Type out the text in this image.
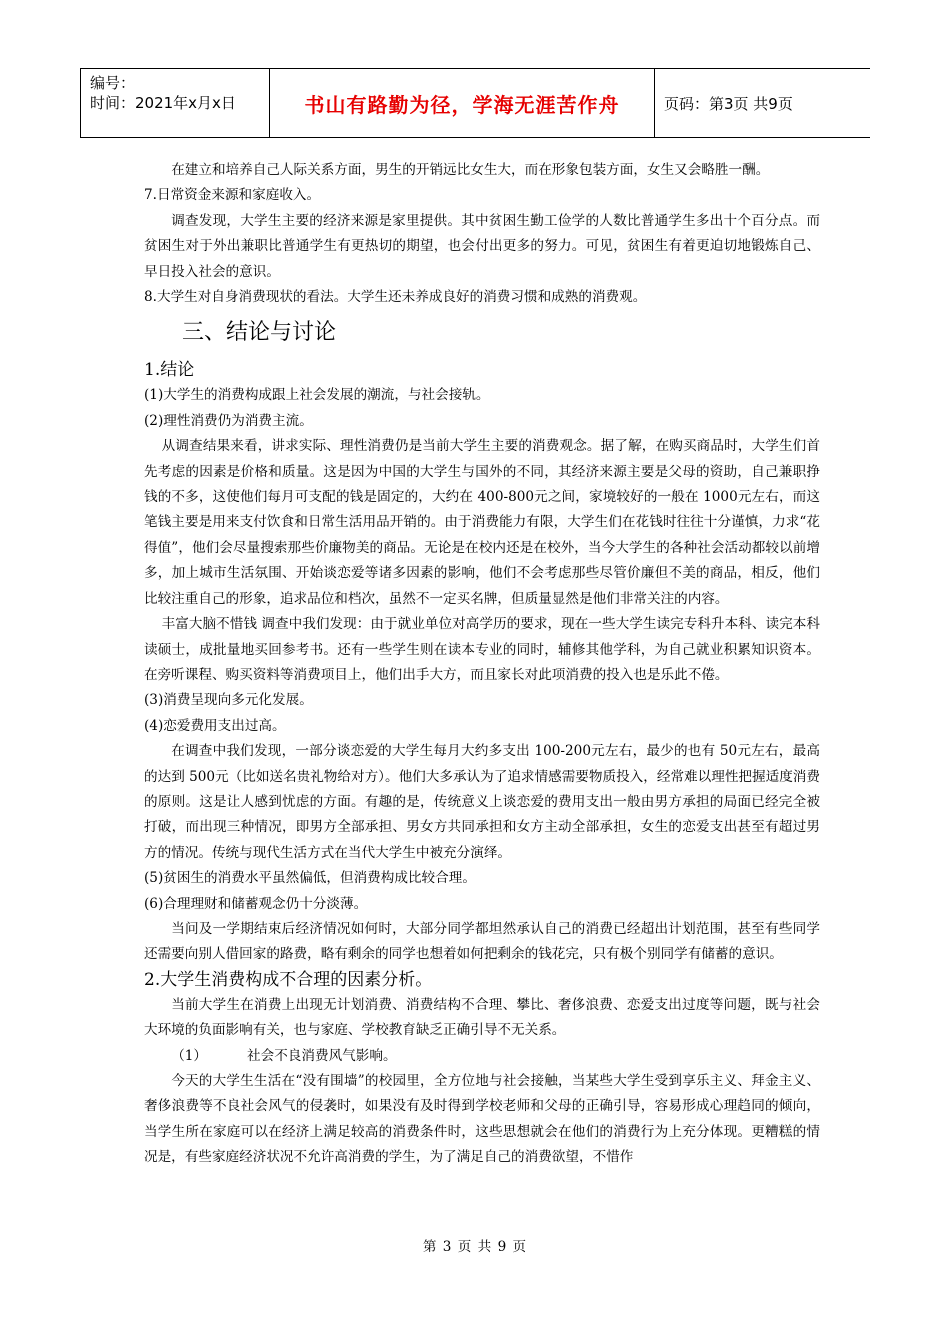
编号：
时间：2021年x月x日	书山有路勤为径，学海无涯苦作舟	页码：第3页 共9页

在建立和培养自己人际关系方面，男生的开销远比女生大，而在形象包装方面，女生又会略胜一酬。

7.日常资金来源和家庭收入。

调查发现，大学生主要的经济来源是家里提供。其中贫困生勤工俭学的人数比普通学生多出十个百分点。而贫困生对于外出兼职比普通学生有更热切的期望，也会付出更多的努力。可见，贫困生有着更迫切地锻炼自己、早日投入社会的意识。

8.大学生对自身消费现状的看法。大学生还未养成良好的消费习惯和成熟的消费观。

三、结论与讨论
1.结论

(1)大学生的消费构成跟上社会发展的潮流，与社会接轨。

(2)理性消费仍为消费主流。

从调查结果来看，讲求实际、理性消费仍是当前大学生主要的消费观念。据了解，在购买商品时，大学生们首先考虑的因素是价格和质量。这是因为中国的大学生与国外的不同，其经济来源主要是父母的资助，自己兼职挣钱的不多，这使他们每月可支配的钱是固定的，大约在 400-800元之间，家境较好的一般在 1000元左右，而这笔钱主要是用来支付饮食和日常生活用品开销的。由于消费能力有限，大学生们在花钱时往往十分谨慎，力求“花得值”，他们会尽量搜索那些价廉物美的商品。无论是在校内还是在校外，当今大学生的各种社会活动都较以前增多，加上城市生活氛围、开始谈恋爱等诸多因素的影响，他们不会考虑那些尽管价廉但不美的商品，相反，他们比较注重自己的形象，追求品位和档次，虽然不一定买名牌，但质量显然是他们非常关注的内容。

丰富大脑不惜钱 调查中我们发现：由于就业单位对高学历的要求，现在一些大学生读完专科升本科、读完本科读硕士，成批量地买回参考书。还有一些学生则在读本专业的同时，辅修其他学科，为自己就业积累知识资本。在旁听课程、购买资料等消费项目上，他们出手大方，而且家长对此项消费的投入也是乐此不倦。

(3)消费呈现向多元化发展。

(4)恋爱费用支出过高。

在调查中我们发现，一部分谈恋爱的大学生每月大约多支出 100-200元左右，最少的也有 50元左右，最高的达到 500元（比如送名贵礼物给对方）。他们大多承认为了追求情感需要物质投入，经常难以理性把握适度消费的原则。这是让人感到忧虑的方面。有趣的是，传统意义上谈恋爱的费用支出一般由男方承担的局面已经完全被打破，而出现三种情况，即男方全部承担、男女方共同承担和女方主动全部承担，女生的恋爱支出甚至有超过男方的情况。传统与现代生活方式在当代大学生中被充分演绎。

(5)贫困生的消费水平虽然偏低，但消费构成比较合理。

(6)合理理财和储蓄观念仍十分淡薄。

当问及一学期结束后经济情况如何时，大部分同学都坦然承认自己的消费已经超出计划范围，甚至有些同学还需要向别人借回家的路费，略有剩余的同学也想着如何把剩余的钱花完，只有极个别同学有储蓄的意识。

2.大学生消费构成不合理的因素分析。

当前大学生在消费上出现无计划消费、消费结构不合理、攀比、奢侈浪费、恋爱支出过度等问题，既与社会大环境的负面影响有关，也与家庭、学校教育缺乏正确引导不无关系。

（1）	社会不良消费风气影响。

今天的大学生生活在“没有围墙”的校园里，全方位地与社会接触，当某些大学生受到享乐主义、拜金主义、奢侈浪费等不良社会风气的侵袭时，如果没有及时得到学校老师和父母的正确引导，容易形成心理趋同的倾向，当学生所在家庭可以在经济上满足较高的消费条件时，这些思想就会在他们的消费行为上充分体现。更糟糕的情况是，有些家庭经济状况不允许高消费的学生，为了满足自己的消费欲望，不惜作

第 3 页 共 9 页
